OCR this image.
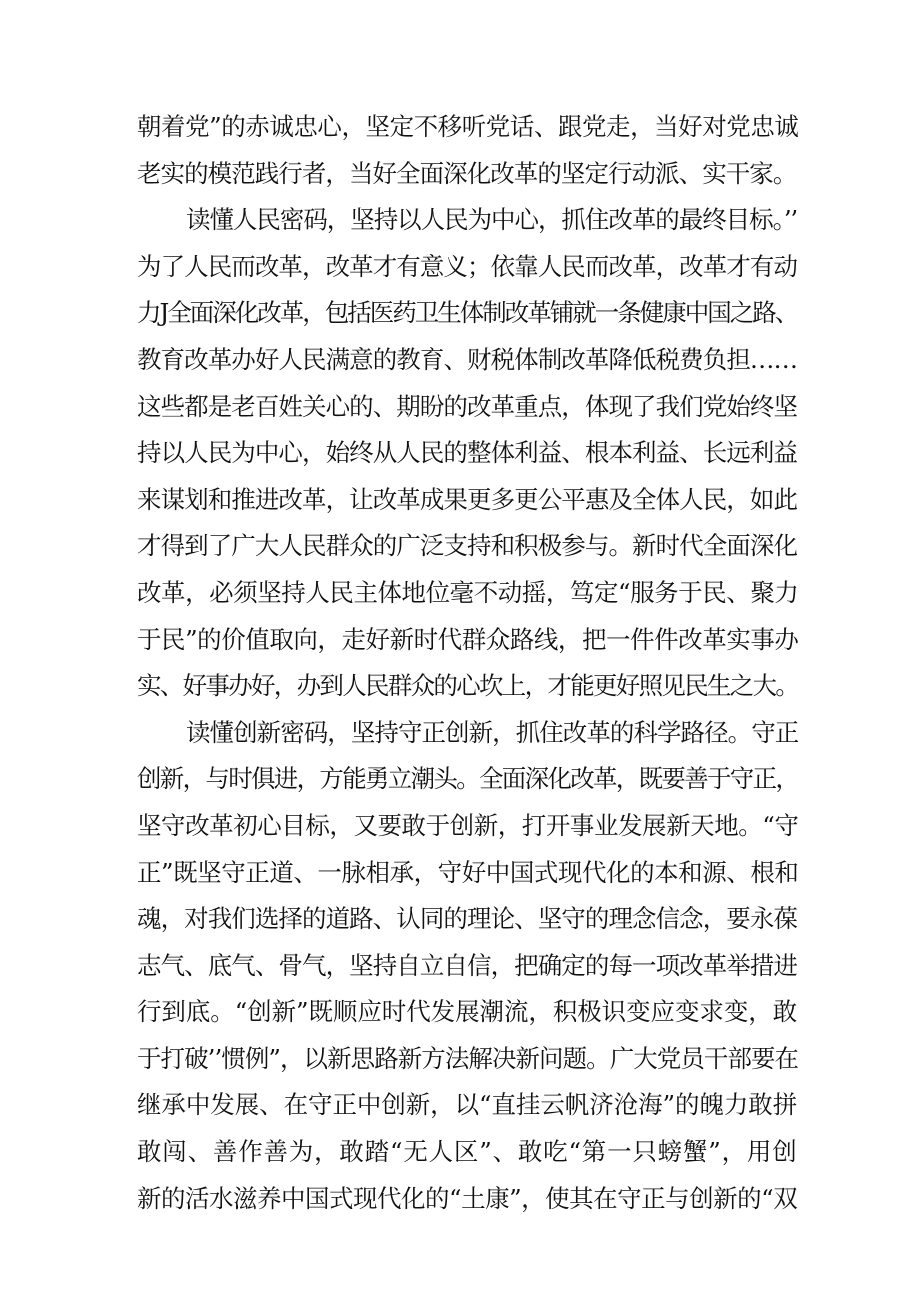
朝着党”的赤诚忠心，坚定不移听党话、跟党走，当好对党忠诚
老实的模范践行者，当好全面深化改革的坚定行动派、实干家。
读懂人民密码，坚持以人民为中心，抓住改革的最终目标。’’
为了人民而改革，改革才有意义；依靠人民而改革，改革才有动
力J全面深化改革，包括医药卫生体制改革铺就一条健康中国之路、
教育改革办好人民满意的教育、财税体制改革降低税费负担……
这些都是老百姓关心的、期盼的改革重点，体现了我们党始终坚
持以人民为中心，始终从人民的整体利益、根本利益、长远利益
来谋划和推进改革，让改革成果更多更公平惠及全体人民，如此
才得到了广大人民群众的广泛支持和积极参与。新时代全面深化
改革，必须坚持人民主体地位毫不动摇，笃定“服务于民、聚力
于民”的价值取向，走好新时代群众路线，把一件件改革实事办
实、好事办好，办到人民群众的心坎上，才能更好照见民生之大。
读懂创新密码，坚持守正创新，抓住改革的科学路径。守正
创新，与时俱进，方能勇立潮头。全面深化改革，既要善于守正，
坚守改革初心目标，又要敢于创新，打开事业发展新天地。“守
正”既坚守正道、一脉相承，守好中国式现代化的本和源、根和
魂，对我们选择的道路、认同的理论、坚守的理念信念，要永葆
志气、底气、骨气，坚持自立自信，把确定的每一项改革举措进
行到底。“创新”既顺应时代发展潮流，积极识变应变求变，敢
于打破’’惯例”，以新思路新方法解决新问题。广大党员干部要在
继承中发展、在守正中创新，以“直挂云帆济沧海”的魄力敢拼
敢闯、善作善为，敢踏“无人区”、敢吃“第一只螃蟹”，用创
新的活水滋养中国式现代化的“土康”，使其在守正与创新的“双
